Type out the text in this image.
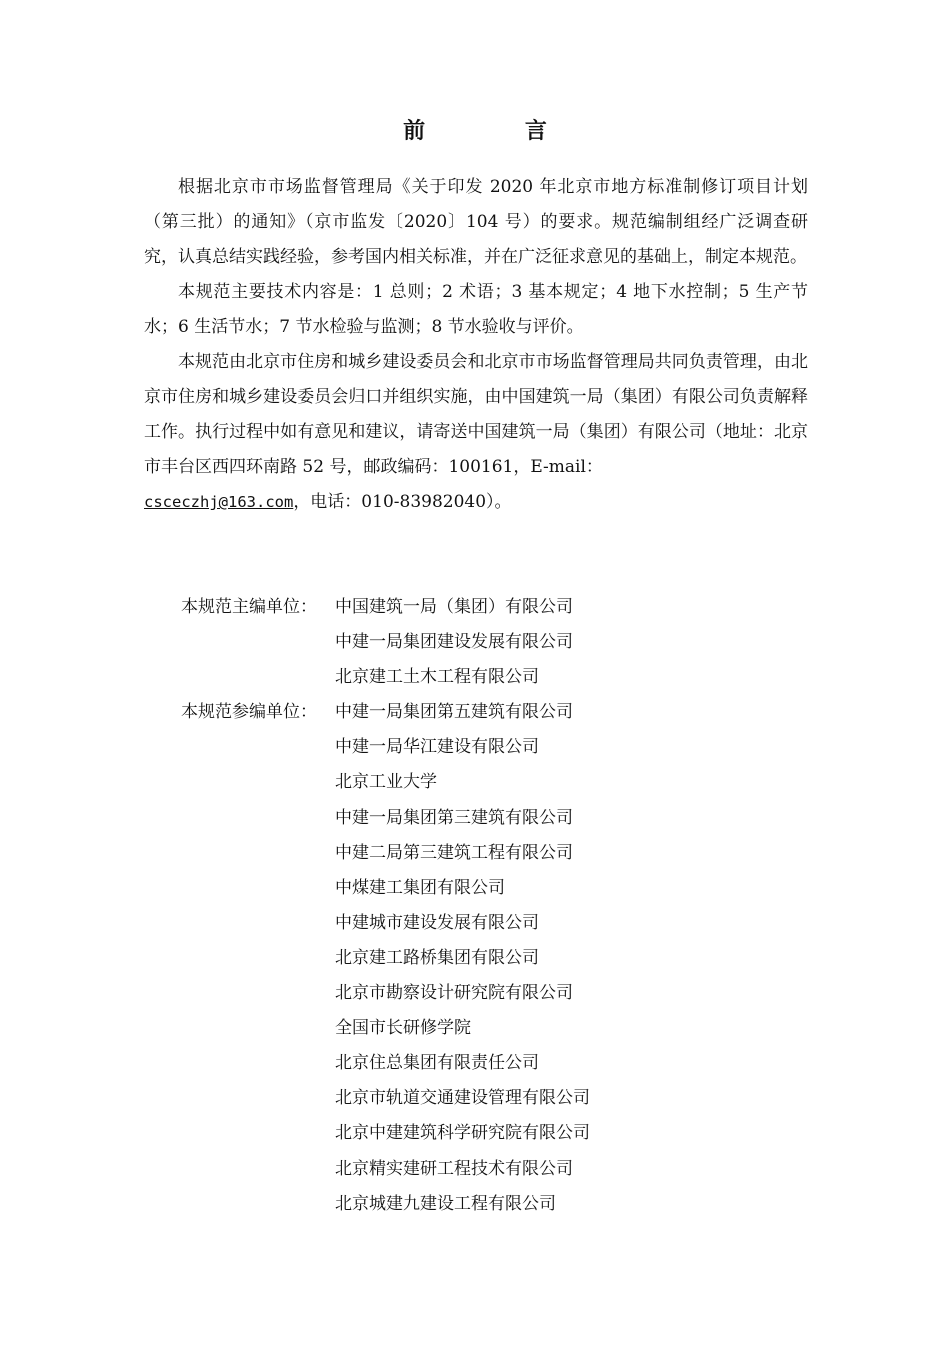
前 言

根据北京市市场监督管理局《关于印发 2020 年北京市地方标准制修订项目计划（第三批）的通知》（京市监发〔2020〕104 号）的要求。规范编制组经广泛调查研究，认真总结实践经验，参考国内相关标准，并在广泛征求意见的基础上，制定本规范。

本规范主要技术内容是：1 总则；2 术语；3 基本规定；4 地下水控制；5 生产节水；6 生活节水；7 节水检验与监测；8 节水验收与评价。

本规范由北京市住房和城乡建设委员会和北京市市场监督管理局共同负责管理，由北京市住房和城乡建设委员会归口并组织实施，由中国建筑一局（集团）有限公司负责解释工作。执行过程中如有意见和建议，请寄送中国建筑一局（集团）有限公司（地址：北京市丰台区西四环南路 52 号，邮政编码：100161，E-mail：
csceczhj@163.com，电话：010-83982040）。

本规范主编单位：	中国建筑一局（集团）有限公司
中建一局集团建设发展有限公司
北京建工土木工程有限公司
本规范参编单位：	中建一局集团第五建筑有限公司
中建一局华江建设有限公司
北京工业大学
中建一局集团第三建筑有限公司
中建二局第三建筑工程有限公司
中煤建工集团有限公司
中建城市建设发展有限公司
北京建工路桥集团有限公司
北京市勘察设计研究院有限公司
全国市长研修学院
北京住总集团有限责任公司
北京市轨道交通建设管理有限公司
北京中建建筑科学研究院有限公司
北京精实建研工程技术有限公司
北京城建九建设工程有限公司
